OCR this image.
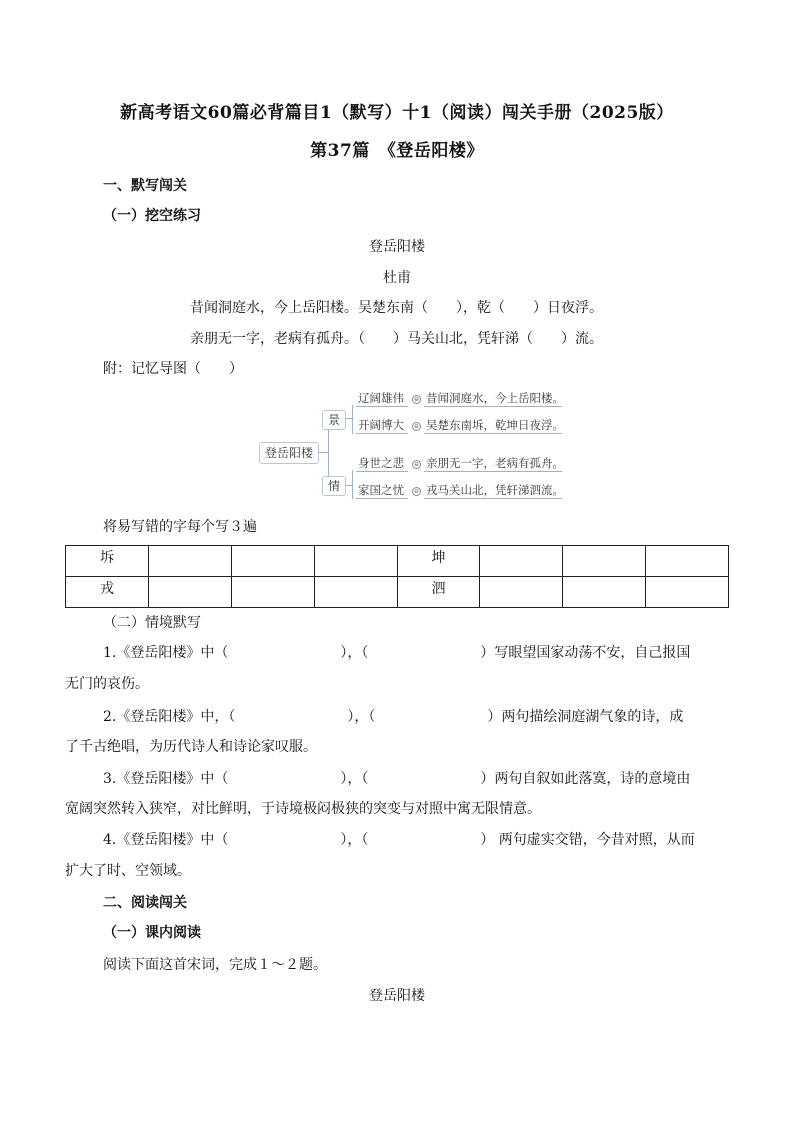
新高考语文60篇必背篇目1（默写）十1（阅读）闯关手册（2025版）
第37篇　《登岳阳楼》
一、默写闯关
（一）挖空练习
登岳阳楼
杜甫
昔闻洞庭水，今上岳阳楼。吴楚东南（　　），乾（　　）日夜浮。
亲朋无一字，老病有孤舟。（　　）马关山北，凭轩涕（　　）流。
附：记忆导图（　　）
登岳阳楼
景
情
辽阔雄伟
开阔博大
身世之悲
家国之忧
⊖ 昔闻洞庭水，今上岳阳楼。
⊖ 吴楚东南坼，乾坤日夜浮。
⊖ 亲朋无一字，老病有孤舟。
⊖ 戎马关山北，凭轩涕泗流。
将易写错的字每个写３遍
坼				坤			
戎				泗			
（二）情境默写
1.《登岳阳楼》中（　　　　　　　　），（　　　　　　　　）写眼望国家动荡不安，自己报国
无门的哀伤。
2.《登岳阳楼》中，（　　　　　　　　），（　　　　　　　　）两句描绘洞庭湖气象的诗，成
了千古绝唱，为历代诗人和诗论家叹服。
3.《登岳阳楼》中（　　　　　　　　），（　　　　　　　　）两句自叙如此落寞，诗的意境由
宽阔突然转入狭窄，对比鲜明，于诗境极闷极狭的突变与对照中寓无限情意。
4.《登岳阳楼》中（　　　　　　　　），（　　　　　　　　） 两句虚实交错，今昔对照，从而
扩大了时、空领域。
二、阅读闯关
（一）课内阅读
阅读下面这首宋词，完成１～２题。
登岳阳楼
